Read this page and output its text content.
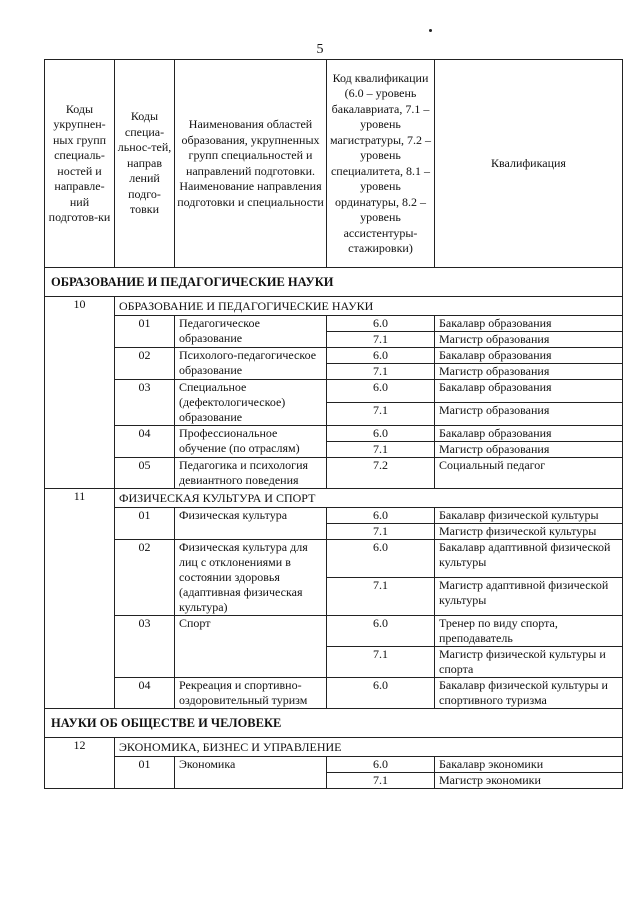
5
Коды укрупнен-ных групп специаль-ностей и направле-ний подготов-ки	Коды специа-льнос-тей, направ лений подго-товки	Наименования областей образования, укрупненных групп специальностей и направлений подготовки. Наименование направления подготовки и специальности	Код квалификации (6.0 – уровень бакалавриата, 7.1 – уровень магистратуры, 7.2 – уровень специалитета, 8.1 – уровень ординатуры, 8.2 – уровень ассистентуры-стажировки)	Квалификация
ОБРАЗОВАНИЕ И ПЕДАГОГИЧЕСКИЕ НАУКИ				
10	ОБРАЗОВАНИЕ И ПЕДАГОГИЧЕСКИЕ НАУКИ			
	01	Педагогическое образование	6.0	Бакалавр образования
			7.1	Магистр образования
	02	Психолого-педагогическое образование	6.0	Бакалавр образования
			7.1	Магистр образования
	03	Специальное (дефектологическое) образование	6.0	Бакалавр образования
			7.1	Магистр образования
	04	Профессиональное обучение (по отраслям)	6.0	Бакалавр образования
			7.1	Магистр образования
	05	Педагогика и психология девиантного поведения	7.2	Социальный педагог
11	ФИЗИЧЕСКАЯ КУЛЬТУРА И СПОРТ			
	01	Физическая культура	6.0	Бакалавр физической культуры
			7.1	Магистр физической культуры
	02	Физическая культура для лиц с отклонениями в состоянии здоровья (адаптивная физическая культура)	6.0	Бакалавр адаптивной физической культуры
			7.1	Магистр адаптивной физической культуры
	03	Спорт	6.0	Тренер по виду спорта, преподаватель
			7.1	Магистр физической культуры и спорта
	04	Рекреация и спортивно-оздоровительный туризм	6.0	Бакалавр физической культуры и спортивного туризма
НАУКИ ОБ ОБЩЕСТВЕ И ЧЕЛОВЕКЕ				
12	ЭКОНОМИКА, БИЗНЕС И УПРАВЛЕНИЕ			
	01	Экономика	6.0	Бакалавр экономики
			7.1	Магистр экономики
